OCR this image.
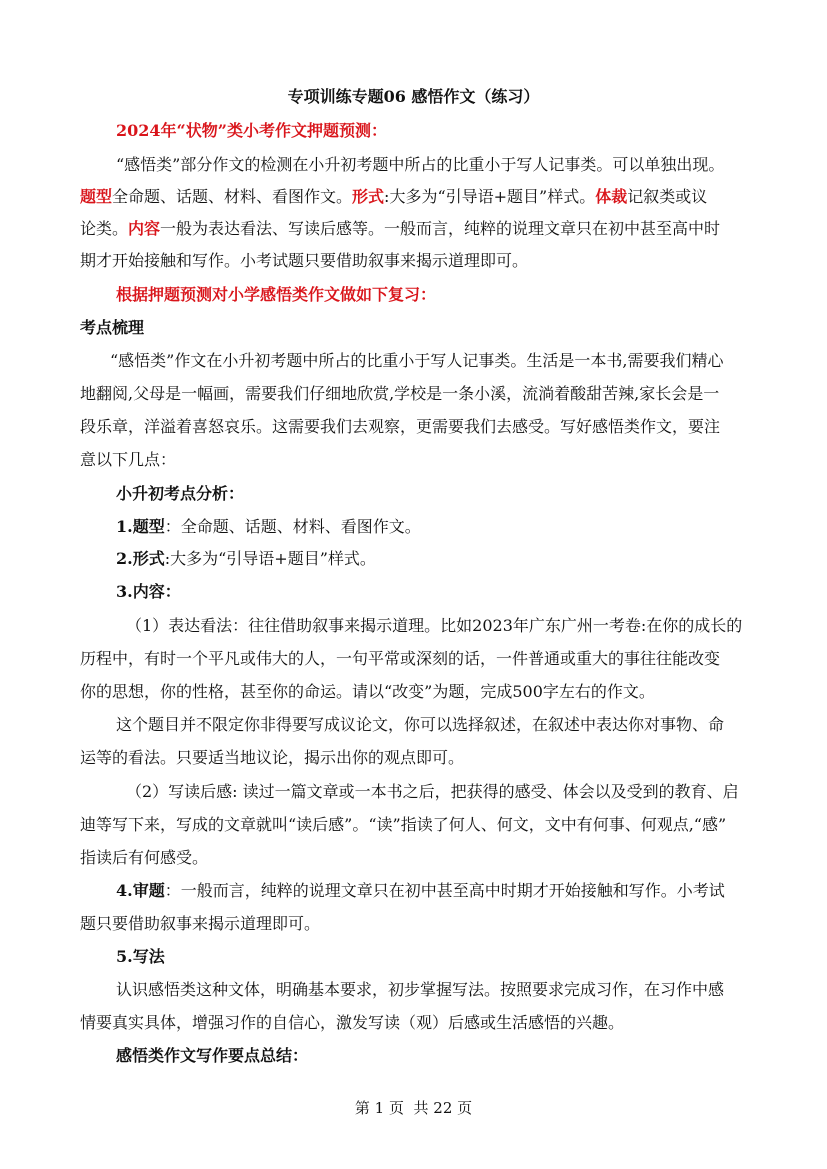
专项训练专题06 感悟作文（练习）
2024年“状物”类小考作文押题预测：
“感悟类”部分作文的检测在小升初考题中所占的比重小于写人记事类。可以单独出现。
题型全命题、话题、材料、看图作文。形式:大多为“引导语+题目”样式。体裁记叙类或议
论类。内容一般为表达看法、写读后感等。一般而言，纯粹的说理文章只在初中甚至高中时
期才开始接触和写作。小考试题只要借助叙事来揭示道理即可。
根据押题预测对小学感悟类作文做如下复习：
考点梳理
“感悟类”作文在小升初考题中所占的比重小于写人记事类。生活是一本书,需要我们精心
地翻阅,父母是一幅画，需要我们仔细地欣赏,学校是一条小溪，流淌着酸甜苦辣,家长会是一
段乐章，洋溢着喜怒哀乐。这需要我们去观察，更需要我们去感受。写好感悟类作文，要注
意以下几点：
小升初考点分析：
1.题型：全命题、话题、材料、看图作文。
2.形式:大多为“引导语+题目”样式。
3.内容：
（1）表达看法：往往借助叙事来揭示道理。比如2023年广东广州一考卷:在你的成长的
历程中，有时一个平凡或伟大的人，一句平常或深刻的话，一件普通或重大的事往往能改变
你的思想，你的性格，甚至你的命运。请以“改变”为题，完成500字左右的作文。
这个题目并不限定你非得要写成议论文，你可以选择叙述，在叙述中表达你对事物、命
运等的看法。只要适当地议论，揭示出你的观点即可。
（2）写读后感: 读过一篇文章或一本书之后，把获得的感受、体会以及受到的教育、启
迪等写下来，写成的文章就叫“读后感”。“读”指读了何人、何文，文中有何事、何观点,“感”
指读后有何感受。
4.审题：一般而言，纯粹的说理文章只在初中甚至高中时期才开始接触和写作。小考试
题只要借助叙事来揭示道理即可。
5.写法
认识感悟类这种文体，明确基本要求，初步掌握写法。按照要求完成习作，在习作中感
情要真实具体，增强习作的自信心，激发写读（观）后感或生活感悟的兴趣。
感悟类作文写作要点总结：
第 1 页  共 22 页
